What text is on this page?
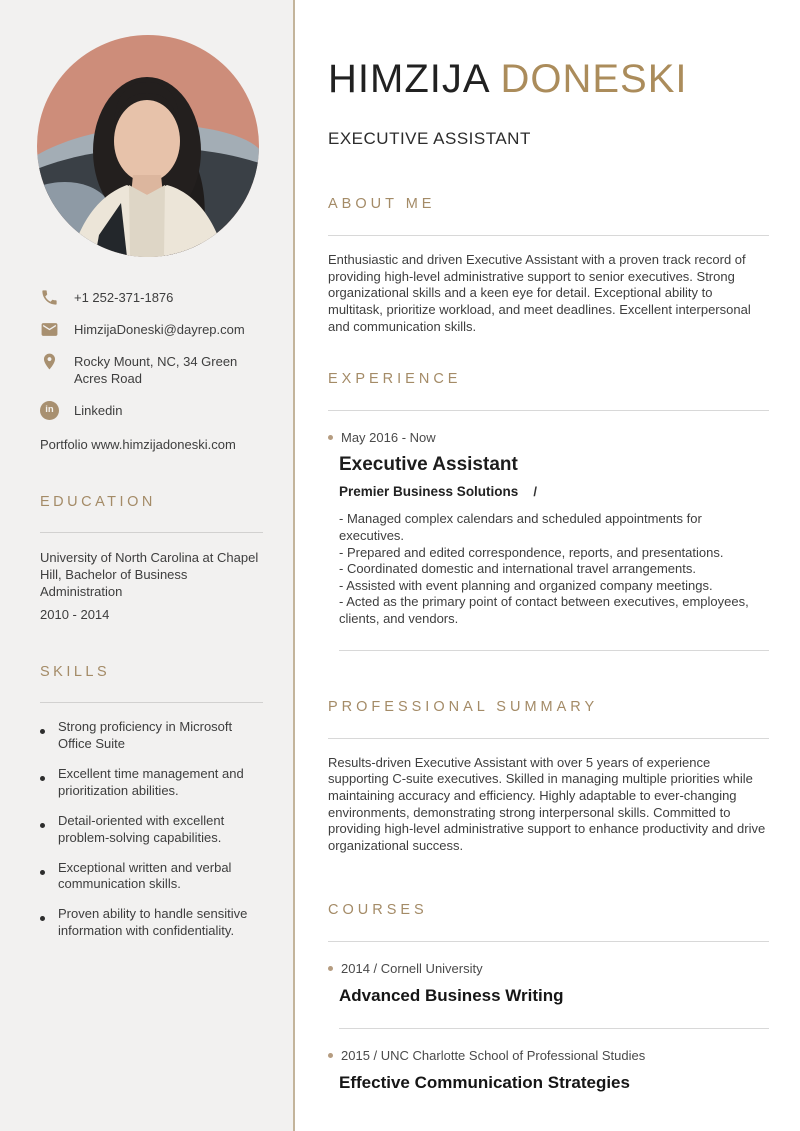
+1 252-371-1876
HimzijaDoneski@dayrep.com
Rocky Mount, NC, 34 Green Acres Road
in	Linkedin
Portfolio www.himzijadoneski.com
EDUCATION
University of North Carolina at Chapel Hill, Bachelor of Business Administration
2010 - 2014
SKILLS
Strong proficiency in Microsoft Office Suite
Excellent time management and prioritization abilities.
Detail-oriented with excellent problem-solving capabilities.
Exceptional written and verbal communication skills.
Proven ability to handle sensitive information with confidentiality.
HIMZIJA DONESKI
EXECUTIVE ASSISTANT
ABOUT ME

Enthusiastic and driven Executive Assistant with a proven track record of providing high-level administrative support to senior executives. Strong organizational skills and a keen eye for detail. Exceptional ability to multitask, prioritize workload, and meet deadlines. Excellent interpersonal and communication skills.

EXPERIENCE
May 2016 - Now
Executive Assistant
Premier Business Solutions /
- Managed complex calendars and scheduled appointments for executives.
- Prepared and edited correspondence, reports, and presentations.
- Coordinated domestic and international travel arrangements.
- Assisted with event planning and organized company meetings.
- Acted as the primary point of contact between executives, employees, clients, and vendors.
PROFESSIONAL SUMMARY

Results-driven Executive Assistant with over 5 years of experience supporting C-suite executives. Skilled in managing multiple priorities while maintaining accuracy and efficiency. Highly adaptable to ever-changing environments, demonstrating strong interpersonal skills. Committed to providing high-level administrative support to enhance productivity and drive organizational success.

COURSES
2014 / Cornell University
Advanced Business Writing
2015 / UNC Charlotte School of Professional Studies
Effective Communication Strategies
